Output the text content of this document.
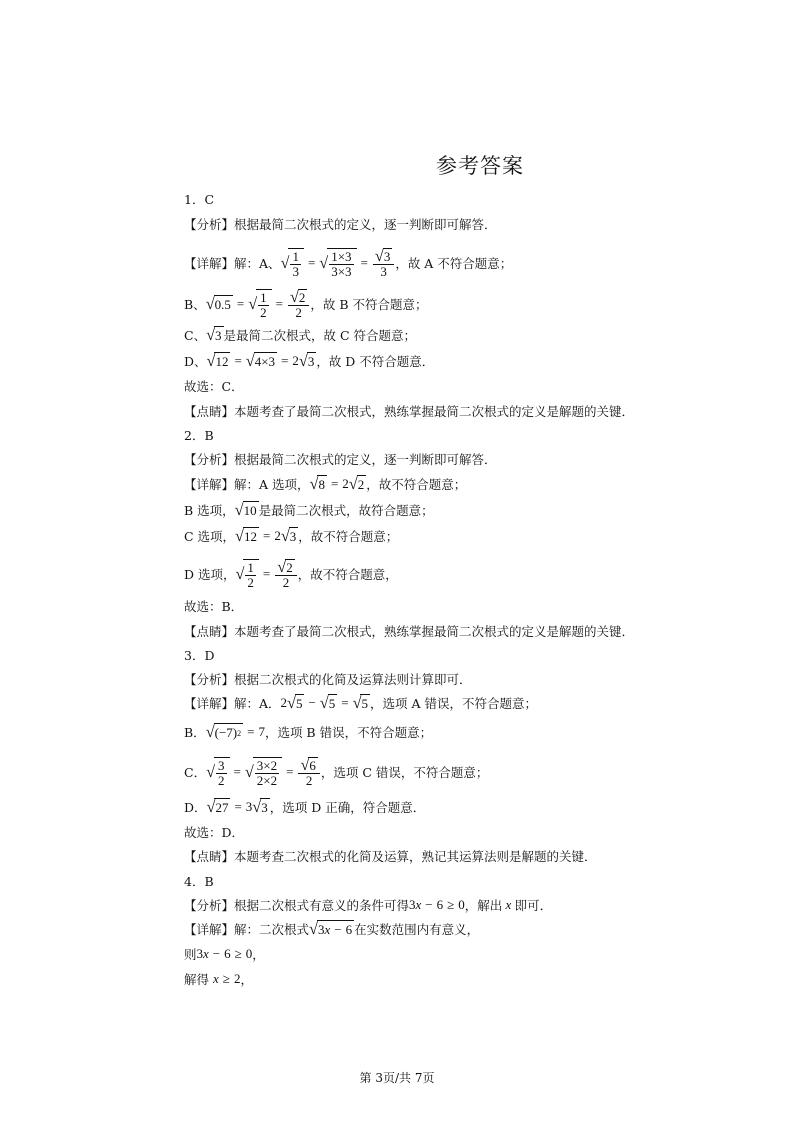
参考答案
1．C
【分析】根据最简二次根式的定义，逐一判断即可解答．
【详解】解：A、 √ $\frac{1}{3}$ = √ $\frac{1\times 3}{3\times 3} = \frac{√ 3}{3}$ ，故 A 不符合题意；
B、 √ 0.5 = √ $\frac{1}{2} = \frac{√ 2}{2}$ ，故 B 不符合题意；
C、 √ 3 是最简二次根式，故 C 符合题意；
D、 √ 12 = √ 4×3 = 2 √ 3 ，故 D 不符合题意．
故选：C．
【点睛】本题考查了最简二次根式，熟练掌握最简二次根式的定义是解题的关键．
2．B
【分析】根据最简二次根式的定义，逐一判断即可解答．
【详解】解：A 选项， √ 8 = 2 √ 2 ，故不符合题意；
B 选项， √ 10 是最简二次根式，故符合题意；
C 选项， √ 12 = 2 √ 3 ，故不符合题意；
D 选项， √ $\frac{1}{2} = \frac{√ 2}{2}$ ，故不符合题意，
故选：B．
【点睛】本题考查了最简二次根式，熟练掌握最简二次根式的定义是解题的关键．
3．D
【分析】根据二次根式的化简及运算法则计算即可．
【详解】解：A． 2 √ 5 − √ 5 = √ 5 ，选项 A 错误，不符合题意；
B． √ (−7) 2 = 7 ，选项 B 错误，不符合题意；
C． √ $\frac{3}{2}$ = √ $\frac{3\times 2}{2\times 2} = \frac{√ 6}{2}$ ，选项 C 错误，不符合题意；
D． √ 27 = 3 √ 3 ，选项 D 正确，符合题意．
故选：D．
【点睛】本题考查二次根式的化简及运算，熟记其运算法则是解题的关键．
4．B
【分析】根据二次根式有意义的条件可得 3 x − 6 ≥ 0 ，解出 x 即可．
【详解】解：二次根式 √ 3 x − 6 在实数范围内有意义，
则 3 x − 6 ≥ 0 ，
解得 x ≥ 2 ，
第 3页/共 7页
